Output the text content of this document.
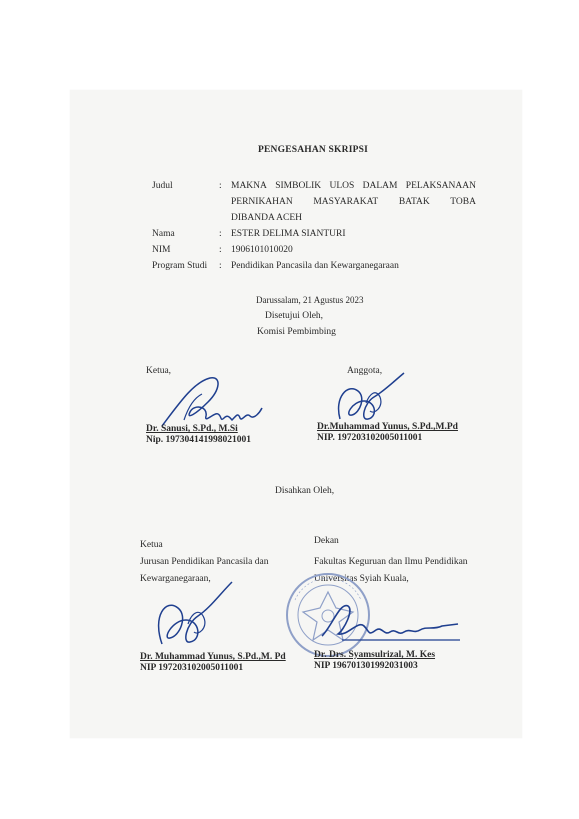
PENGESAHAN SKRIPSI
Judul	: MAKNA SIMBOLIK ULOS DALAM PELAKSANAAN
PERNIKAHAN MASYARAKAT BATAK TOBA
DIBANDA ACEH
Nama	: ESTER DELIMA SIANTURI
NIM	: 1906101010020
Program Studi : Pendidikan Pancasila dan Kewarganegaraan
Darussalam, 21 Agustus 2023
Disetujui Oleh,
Komisi Pembimbing
Ketua,	Anggota,
Dr. Sanusi, S.Pd., M.Si
Nip. 197304141998021001
Dr.Muhammad Yunus, S.Pd.,M.Pd
NIP. 197203102005011001
Disahkan Oleh,
Ketua
Jurusan Pendidikan Pancasila dan
Kewarganegaraan,
Dekan
Fakultas Keguruan dan Ilmu Pendidikan
Universitas Syiah Kuala,
Dr. Muhammad Yunus, S.Pd.,M. Pd
NIP 197203102005011001
Dr. Drs. Syamsulrizal, M. Kes
NIP 196701301992031003
